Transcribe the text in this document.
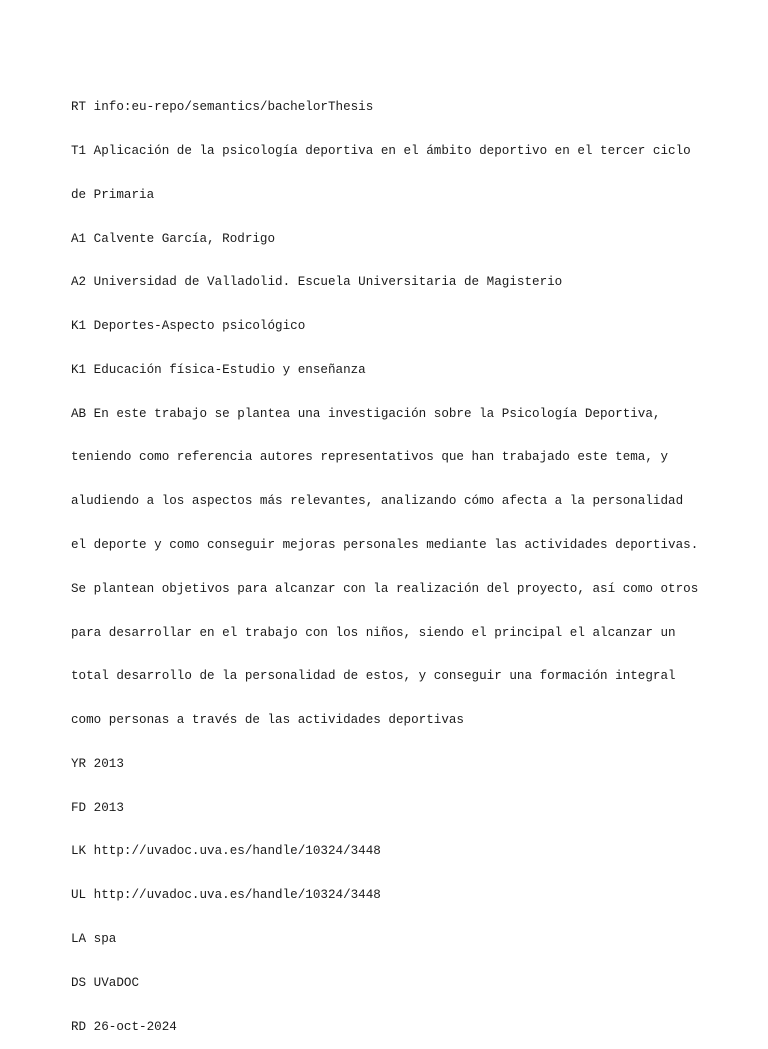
RT info:eu-repo/semantics/bachelorThesis

T1 Aplicación de la psicología deportiva en el ámbito deportivo en el tercer ciclo

de Primaria

A1 Calvente García, Rodrigo

A2 Universidad de Valladolid. Escuela Universitaria de Magisterio

K1 Deportes-Aspecto psicológico

K1 Educación física-Estudio y enseñanza

AB En este trabajo se plantea una investigación sobre la Psicología Deportiva,

teniendo como referencia autores representativos que han trabajado este tema, y

aludiendo a los aspectos más relevantes, analizando cómo afecta a la personalidad

el deporte y como conseguir mejoras personales mediante las actividades deportivas.

Se plantean objetivos para alcanzar con la realización del proyecto, así como otros

para desarrollar en el trabajo con los niños, siendo el principal el alcanzar un

total desarrollo de la personalidad de estos, y conseguir una formación integral

como personas a través de las actividades deportivas

YR 2013

FD 2013

LK http://uvadoc.uva.es/handle/10324/3448

UL http://uvadoc.uva.es/handle/10324/3448

LA spa

DS UVaDOC

RD 26-oct-2024
